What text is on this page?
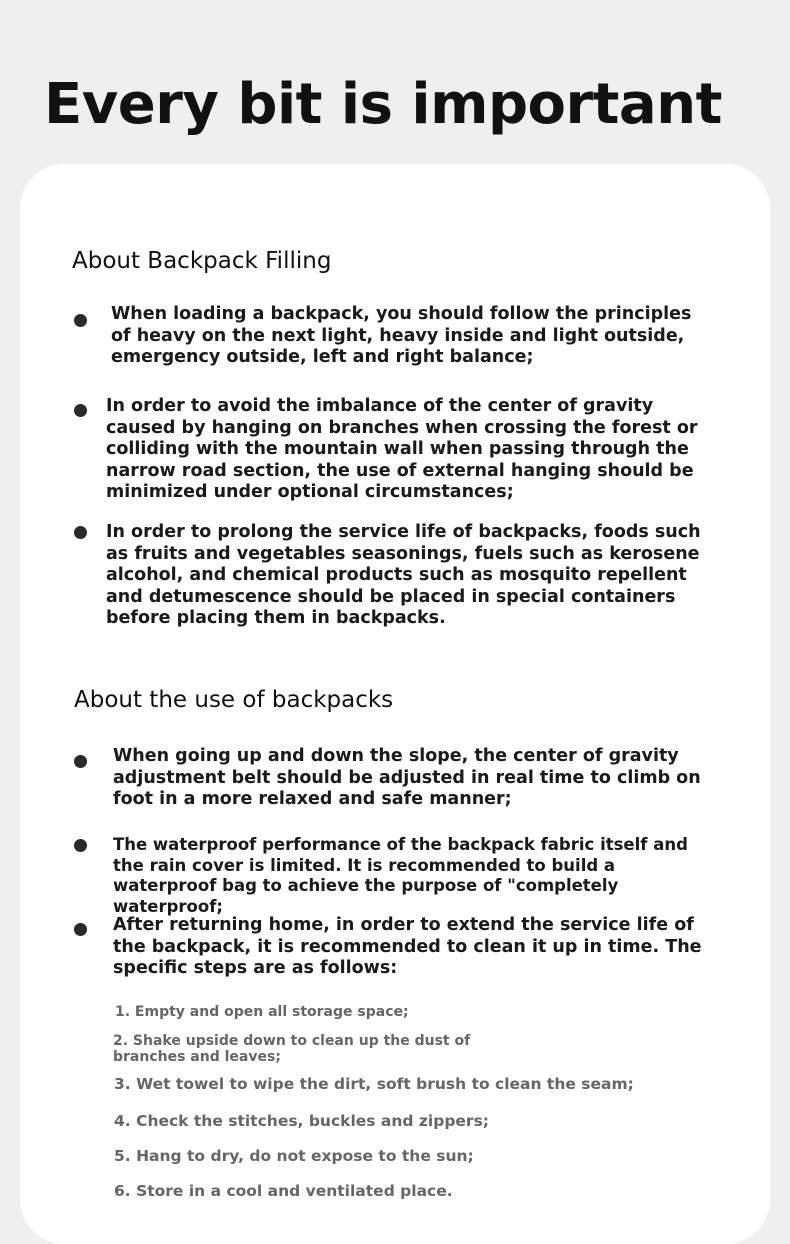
Every bit is important
About Backpack Filling
When loading a backpack, you should follow the principles of heavy on the next light, heavy inside and light outside, emergency outside, left and right balance;
In order to avoid the imbalance of the center of gravity caused by hanging on branches when crossing the forest or colliding with the mountain wall when passing through the narrow road section, the use of external hanging should be minimized under optional circumstances;
In order to prolong the service life of backpacks, foods such as fruits and vegetables seasonings, fuels such as kerosene alcohol, and chemical products such as mosquito repellent and detumescence should be placed in special containers before placing them in backpacks.
About the use of backpacks
When going up and down the slope, the center of gravity adjustment belt should be adjusted in real time to climb on foot in a more relaxed and safe manner;
The waterproof performance of the backpack fabric itself and the rain cover is limited. It is recommended to build a waterproof bag to achieve the purpose of "completely waterproof;
After returning home, in order to extend the service life of the backpack, it is recommended to clean it up in time. The specific steps are as follows:
1. Empty and open all storage space;
2. Shake upside down to clean up the dust of branches and leaves;
3. Wet towel to wipe the dirt, soft brush to clean the seam;
4. Check the stitches, buckles and zippers;
5. Hang to dry, do not expose to the sun;
6. Store in a cool and ventilated place.
